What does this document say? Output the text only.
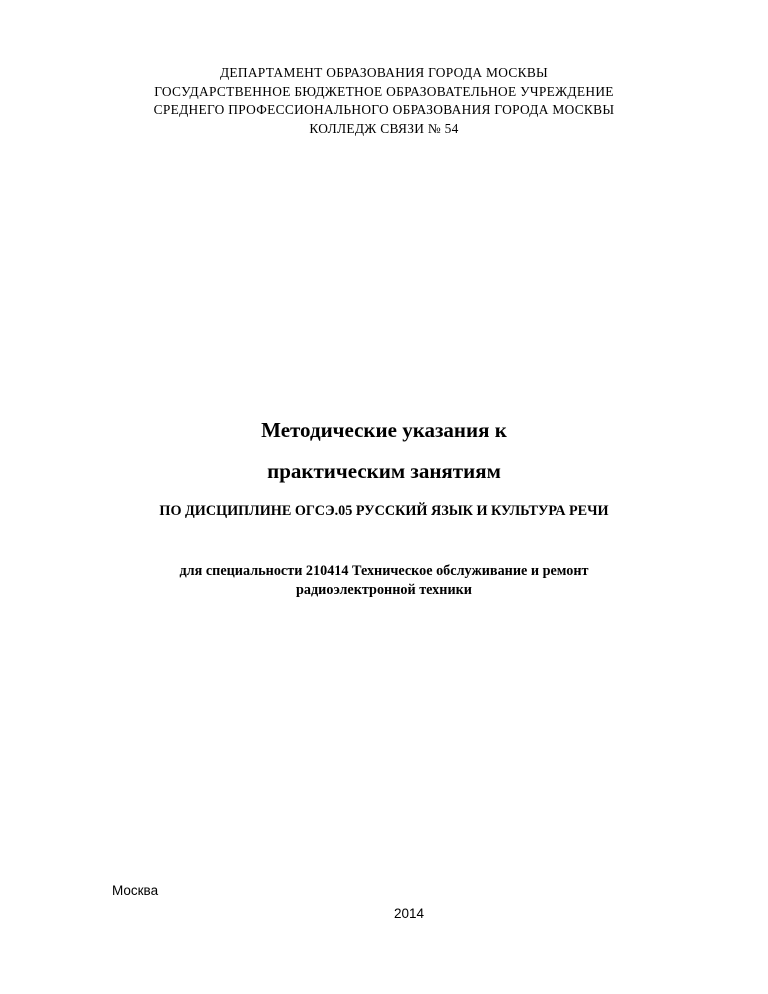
ДЕПАРТАМЕНТ ОБРАЗОВАНИЯ ГОРОДА МОСКВЫ
ГОСУДАРСТВЕННОЕ БЮДЖЕТНОЕ ОБРАЗОВАТЕЛЬНОЕ УЧРЕЖДЕНИЕ
СРЕДНЕГО ПРОФЕССИОНАЛЬНОГО ОБРАЗОВАНИЯ ГОРОДА МОСКВЫ
КОЛЛЕДЖ СВЯЗИ № 54
Методические указания к
практическим занятиям
ПО ДИСЦИПЛИНЕ ОГСЭ.05 РУССКИЙ ЯЗЫК И КУЛЬТУРА РЕЧИ
для специальности 210414 Техническое обслуживание и ремонт
радиоэлектронной техники
Москва
2014
